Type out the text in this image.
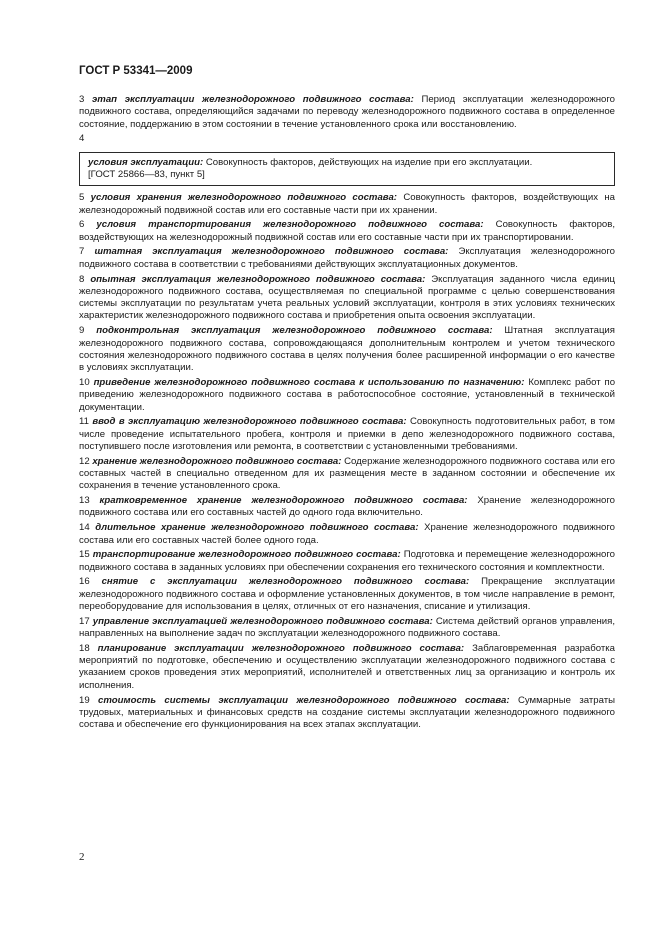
ГОСТ Р 53341—2009

3 этап эксплуатации железнодорожного подвижного состава: Период эксплуатации железнодорожного подвижного состава, определяющийся задачами по переводу железнодорожного подвижного состава в определенное состояние, поддержанию в этом состоянии в течение установленного срока или восстановлению.

4

условия эксплуатации: Совокупность факторов, действующих на изделие при его эксплуатации.
[ГОСТ 25866—83, пункт 5]

5 условия хранения железнодорожного подвижного состава: Совокупность факторов, воздействующих на железнодорожный подвижной состав или его составные части при их хранении.

6 условия транспортирования железнодорожного подвижного состава: Совокупность факторов, воздействующих на железнодорожный подвижной состав или его составные части при их транспортировании.

7 штатная эксплуатация железнодорожного подвижного состава: Эксплуатация железнодорожного подвижного состава в соответствии с требованиями действующих эксплуатационных документов.

8 опытная эксплуатация железнодорожного подвижного состава: Эксплуатация заданного числа единиц железнодорожного подвижного состава, осуществляемая по специальной программе с целью совершенствования системы эксплуатации по результатам учета реальных условий эксплуатации, контроля в этих условиях технических характеристик железнодорожного подвижного состава и приобретения опыта освоения эксплуатации.

9 подконтрольная эксплуатация железнодорожного подвижного состава: Штатная эксплуатация железнодорожного подвижного состава, сопровождающаяся дополнительным контролем и учетом технического состояния железнодорожного подвижного состава в целях получения более расширенной информации о его качестве в условиях эксплуатации.

10 приведение железнодорожного подвижного состава к использованию по назначению: Комплекс работ по приведению железнодорожного подвижного состава в работоспособное состояние, установленный в технической документации.

11 ввод в эксплуатацию железнодорожного подвижного состава: Совокупность подготовительных работ, в том числе проведение испытательного пробега, контроля и приемки в депо железнодорожного подвижного состава, поступившего после изготовления или ремонта, в соответствии с установленными требованиями.

12 хранение железнодорожного подвижного состава: Содержание железнодорожного подвижного состава или его составных частей в специально отведенном для их размещения месте в заданном состоянии и обеспечение их сохранения в течение установленного срока.

13 кратковременное хранение железнодорожного подвижного состава: Хранение железнодорожного подвижного состава или его составных частей до одного года включительно.

14 длительное хранение железнодорожного подвижного состава: Хранение железнодорожного подвижного состава или его составных частей более одного года.

15 транспортирование железнодорожного подвижного состава: Подготовка и перемещение железнодорожного подвижного состава в заданных условиях при обеспечении сохранения его технического состояния и комплектности.

16 снятие с эксплуатации железнодорожного подвижного состава: Прекращение эксплуатации железнодорожного подвижного состава и оформление установленных документов, в том числе направление в ремонт, переоборудование для использования в целях, отличных от его назначения, списание и утилизация.

17 управление эксплуатацией железнодорожного подвижного состава: Система действий органов управления, направленных на выполнение задач по эксплуатации железнодорожного подвижного состава.

18 планирование эксплуатации железнодорожного подвижного состава: Заблаговременная разработка мероприятий по подготовке, обеспечению и осуществлению эксплуатации железнодорожного подвижного состава с указанием сроков проведения этих мероприятий, исполнителей и ответственных лиц за организацию и контроль их исполнения.

19 стоимость системы эксплуатации железнодорожного подвижного состава: Суммарные затраты трудовых, материальных и финансовых средств на создание системы эксплуатации железнодорожного подвижного состава и обеспечение его функционирования на всех этапах эксплуатации.

2
